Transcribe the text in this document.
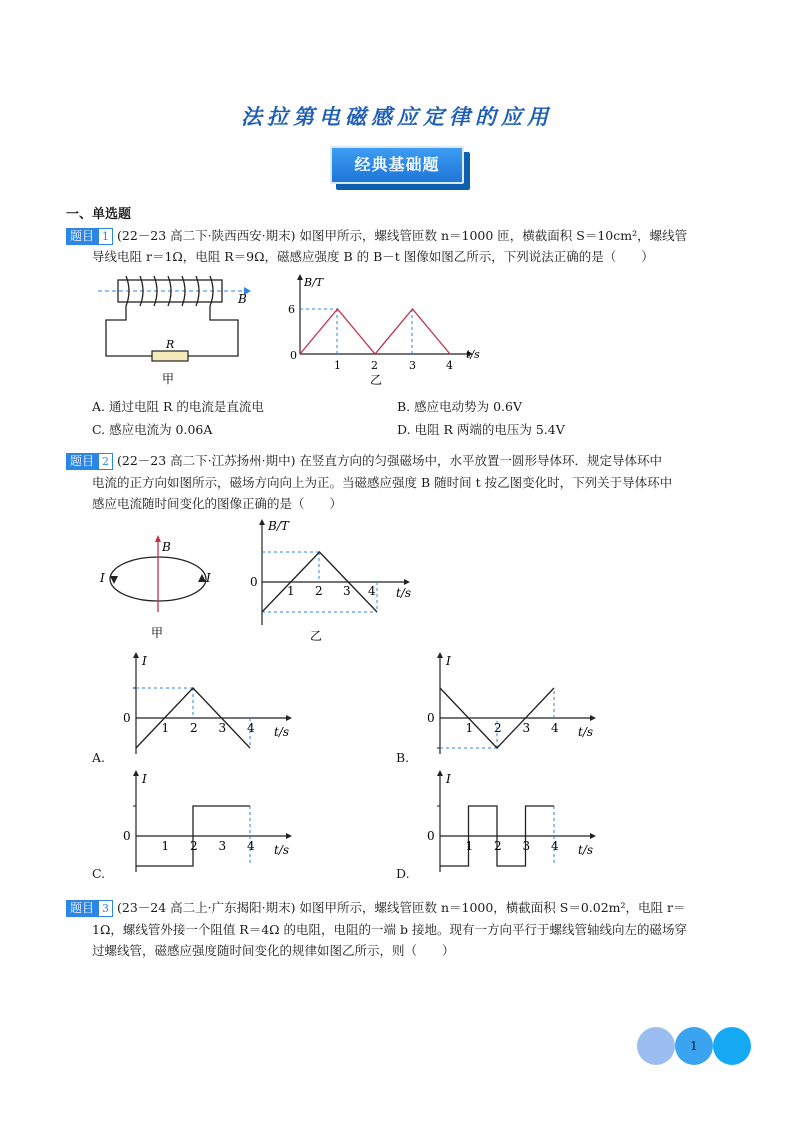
法拉第电磁感应定律的应用
经典基础题
一、单选题
题目 1 (22－23 高二下·陕西西安·期末) 如图甲所示，螺线管匝数 n＝1000 匝，横截面积 S＝10cm²，螺线管
导线电阻 r＝1Ω，电阻 R＝9Ω，磁感应强度 B 的 B－t 图像如图乙所示，下列说法正确的是（　　）
B
R
甲
B/T
6
0
1	2	3	4
t/s
乙
A. 通过电阻 R 的电流是直流电	B. 感应电动势为 0.6V
C. 感应电流为 0.06A	D. 电阻 R 两端的电压为 5.4V
题目 2 (22－23 高二下·江苏扬州·期中) 在竖直方向的匀强磁场中，水平放置一圆形导体环．规定导体环中
电流的正方向如图所示，磁场方向向上为正。当磁感应强度 B 随时间 t 按乙图变化时，下列关于导体环中
感应电流随时间变化的图像正确的是（　　）
B
I	I
甲
B/T
0
1 2 3 4 t/s
乙
I
0
1 2 3 4 t/s
I
0
1 2 3 4 t/s
I
0
1 2 3 4 t/s
I
0
1 2 3 4 t/s
A.	B.
C.	D.
题目 3 (23－24 高二上·广东揭阳·期末) 如图甲所示，螺线管匝数 n＝1000，横截面积 S＝0.02m²，电阻 r＝
1Ω，螺线管外接一个阻值 R＝4Ω 的电阻，电阻的一端 b 接地。现有一方向平行于螺线管轴线向左的磁场穿
过螺线管，磁感应强度随时间变化的规律如图乙所示，则（　　）
1
